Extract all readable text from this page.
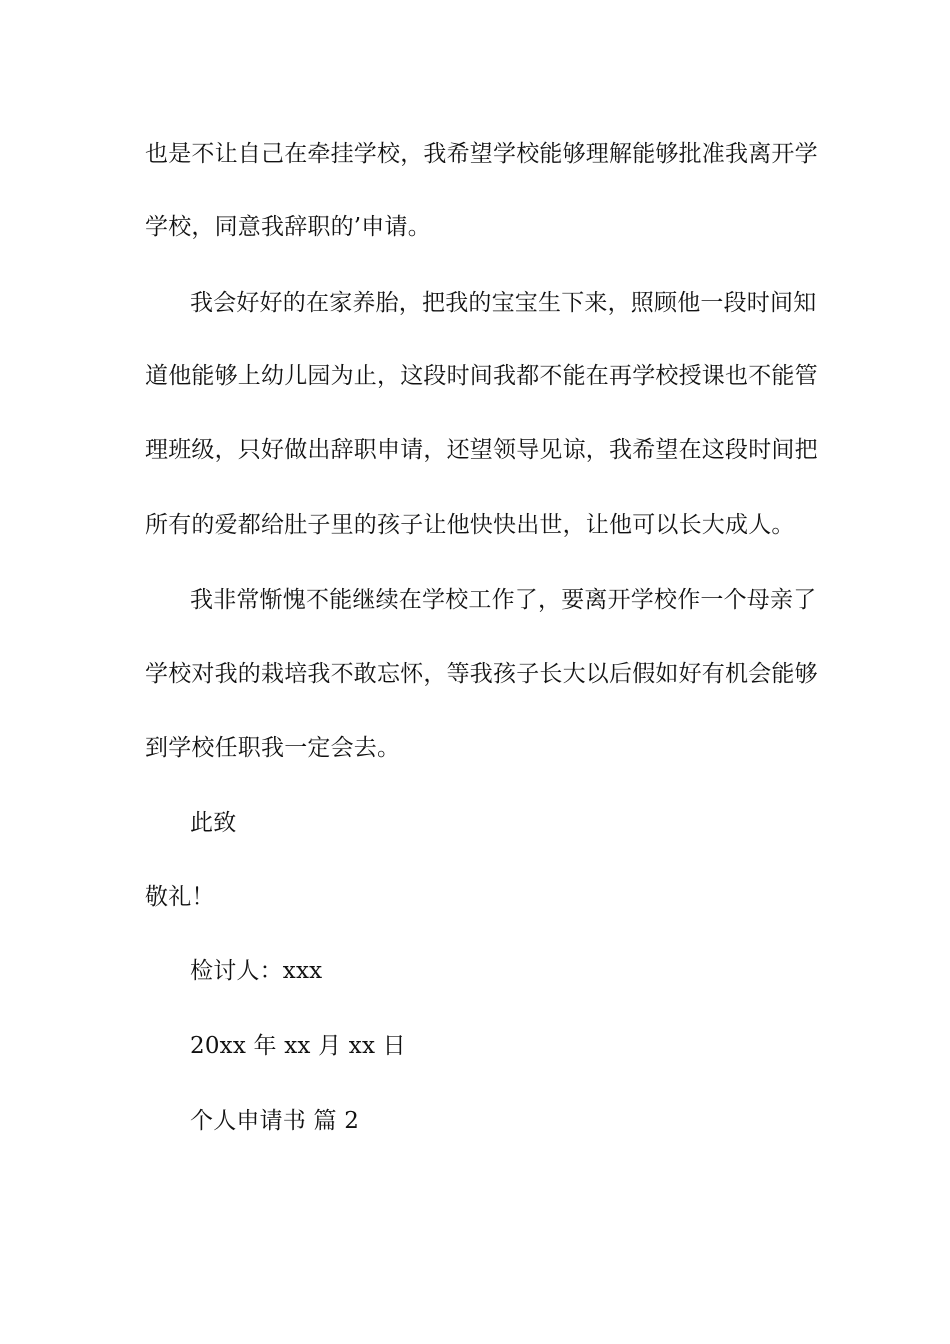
也是不让自己在牵挂学校，我希望学校能够理解能够批准我离开学
学校，同意我辞职的’申请。
我会好好的在家养胎，把我的宝宝生下来，照顾他一段时间知
道他能够上幼儿园为止，这段时间我都不能在再学校授课也不能管
理班级，只好做出辞职申请，还望领导见谅，我希望在这段时间把
所有的爱都给肚子里的孩子让他快快出世，让他可以长大成人。
我非常惭愧不能继续在学校工作了，要离开学校作一个母亲了
学校对我的栽培我不敢忘怀，等我孩子长大以后假如好有机会能够
到学校任职我一定会去。
此致
敬礼！
检讨人：xxx
20xx 年 xx 月 xx 日
个人申请书 篇 2
